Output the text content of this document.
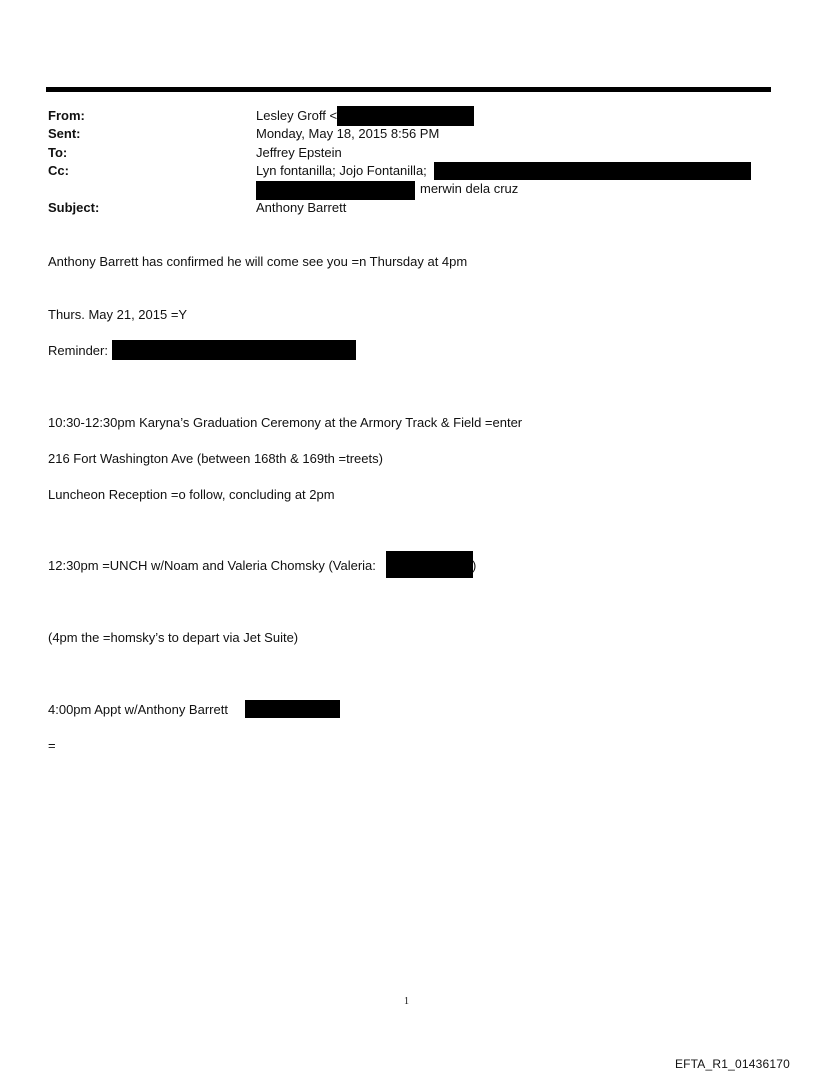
From:	Lesley Groff <
Sent:	Monday, May 18, 2015 8:56 PM
To:	Jeffrey Epstein
Cc:	Lyn fontanilla; Jojo Fontanilla;
merwin dela cruz
Subject:	Anthony Barrett
Anthony Barrett has confirmed he will come see you =n Thursday at 4pm
Thurs. May 21, 2015 =Y
Reminder:
10:30-12:30pm Karyna’s Graduation Ceremony at the Armory Track & Field =enter
216 Fort Washington Ave (between 168th & 169th =treets)
Luncheon Reception =o follow, concluding at 2pm
12:30pm =UNCH w/Noam and Valeria Chomsky (Valeria:	)
(4pm the =homsky’s to depart via Jet Suite)
4:00pm Appt w/Anthony Barrett
=
1
EFTA_R1_01436170
